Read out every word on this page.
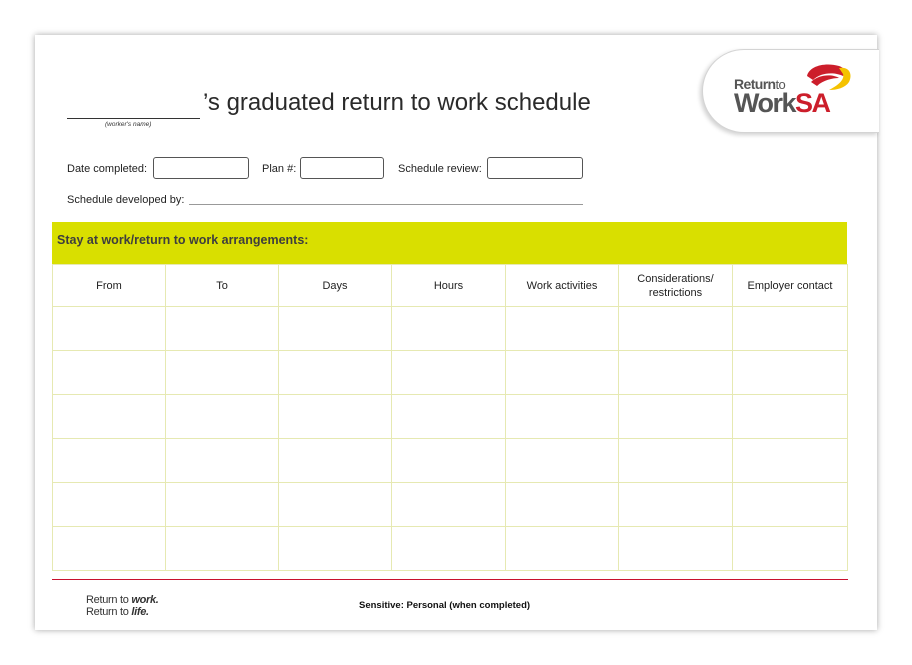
(worker's name)
’s graduated return to work schedule
Returnto
WorkSA
Date completed:	Plan #:	Schedule review:
Schedule developed by:
Stay at work/return to work arrangements:
From	To	Days	Hours	Work activities	Considerations/ restrictions	Employer contact

Return to work.
Return to life.
Sensitive: Personal (when completed)
